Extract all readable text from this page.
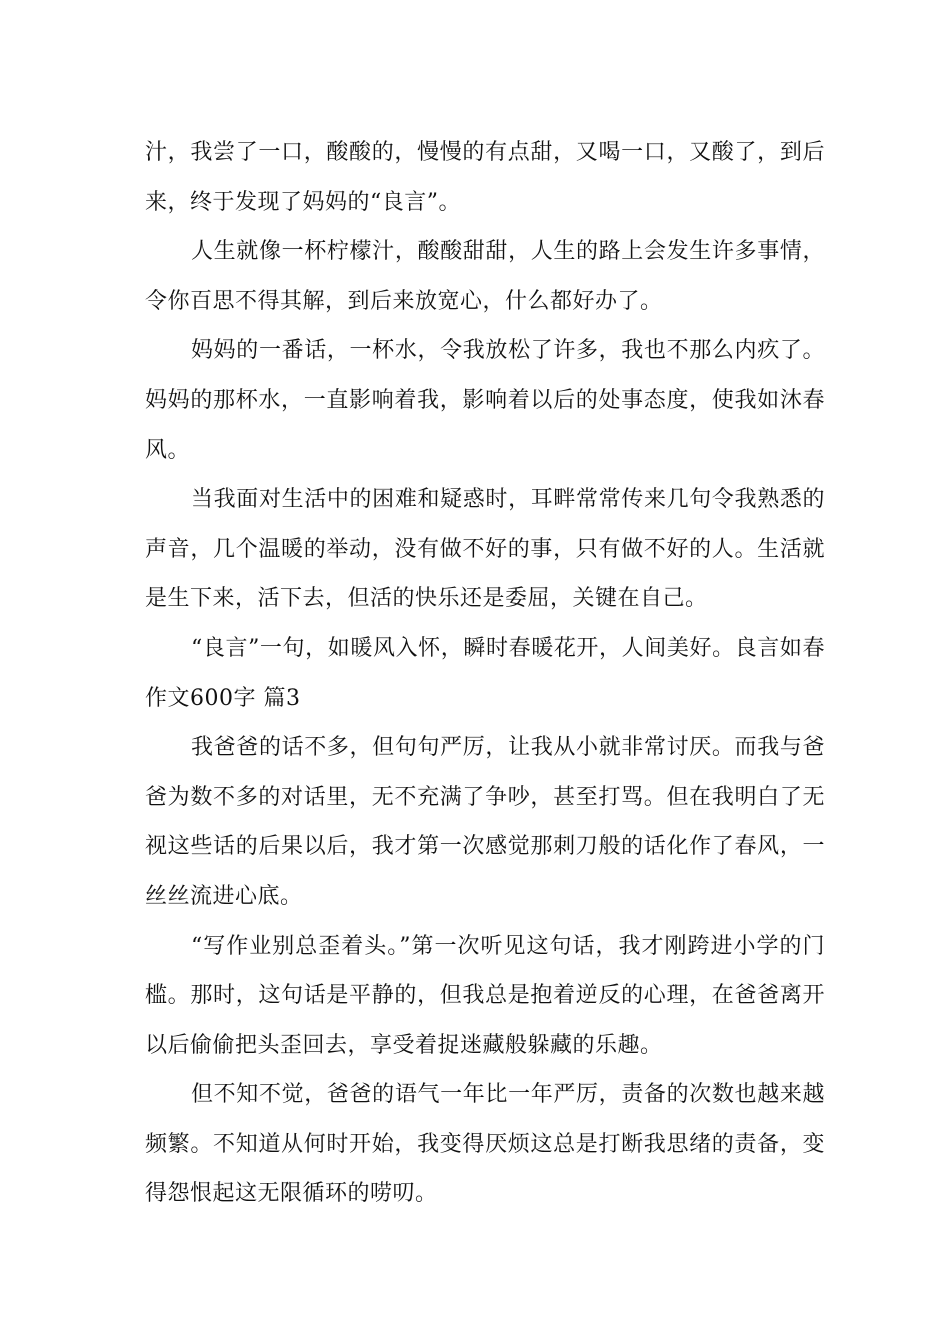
汁，我尝了一口，酸酸的，慢慢的有点甜，又喝一口，又酸了，到后来，终于发现了妈妈的“良言”。

人生就像一杯柠檬汁，酸酸甜甜，人生的路上会发生许多事情，令你百思不得其解，到后来放宽心，什么都好办了。

妈妈的一番话，一杯水，令我放松了许多，我也不那么内疚了。妈妈的那杯水，一直影响着我，影响着以后的处事态度，使我如沐春风。

当我面对生活中的困难和疑惑时，耳畔常常传来几句令我熟悉的声音，几个温暖的举动，没有做不好的事，只有做不好的人。生活就是生下来，活下去，但活的快乐还是委屈，关键在自己。

“良言”一句，如暖风入怀，瞬时春暖花开，人间美好。良言如春作文600字 篇3

我爸爸的话不多，但句句严厉，让我从小就非常讨厌。而我与爸爸为数不多的对话里，无不充满了争吵，甚至打骂。但在我明白了无视这些话的后果以后，我才第一次感觉那刺刀般的话化作了春风，一丝丝流进心底。

“写作业别总歪着头。”第一次听见这句话，我才刚跨进小学的门槛。那时，这句话是平静的，但我总是抱着逆反的心理，在爸爸离开以后偷偷把头歪回去，享受着捉迷藏般躲藏的乐趣。

但不知不觉，爸爸的语气一年比一年严厉，责备的次数也越来越频繁。不知道从何时开始，我变得厌烦这总是打断我思绪的责备，变得怨恨起这无限循环的唠叨。
